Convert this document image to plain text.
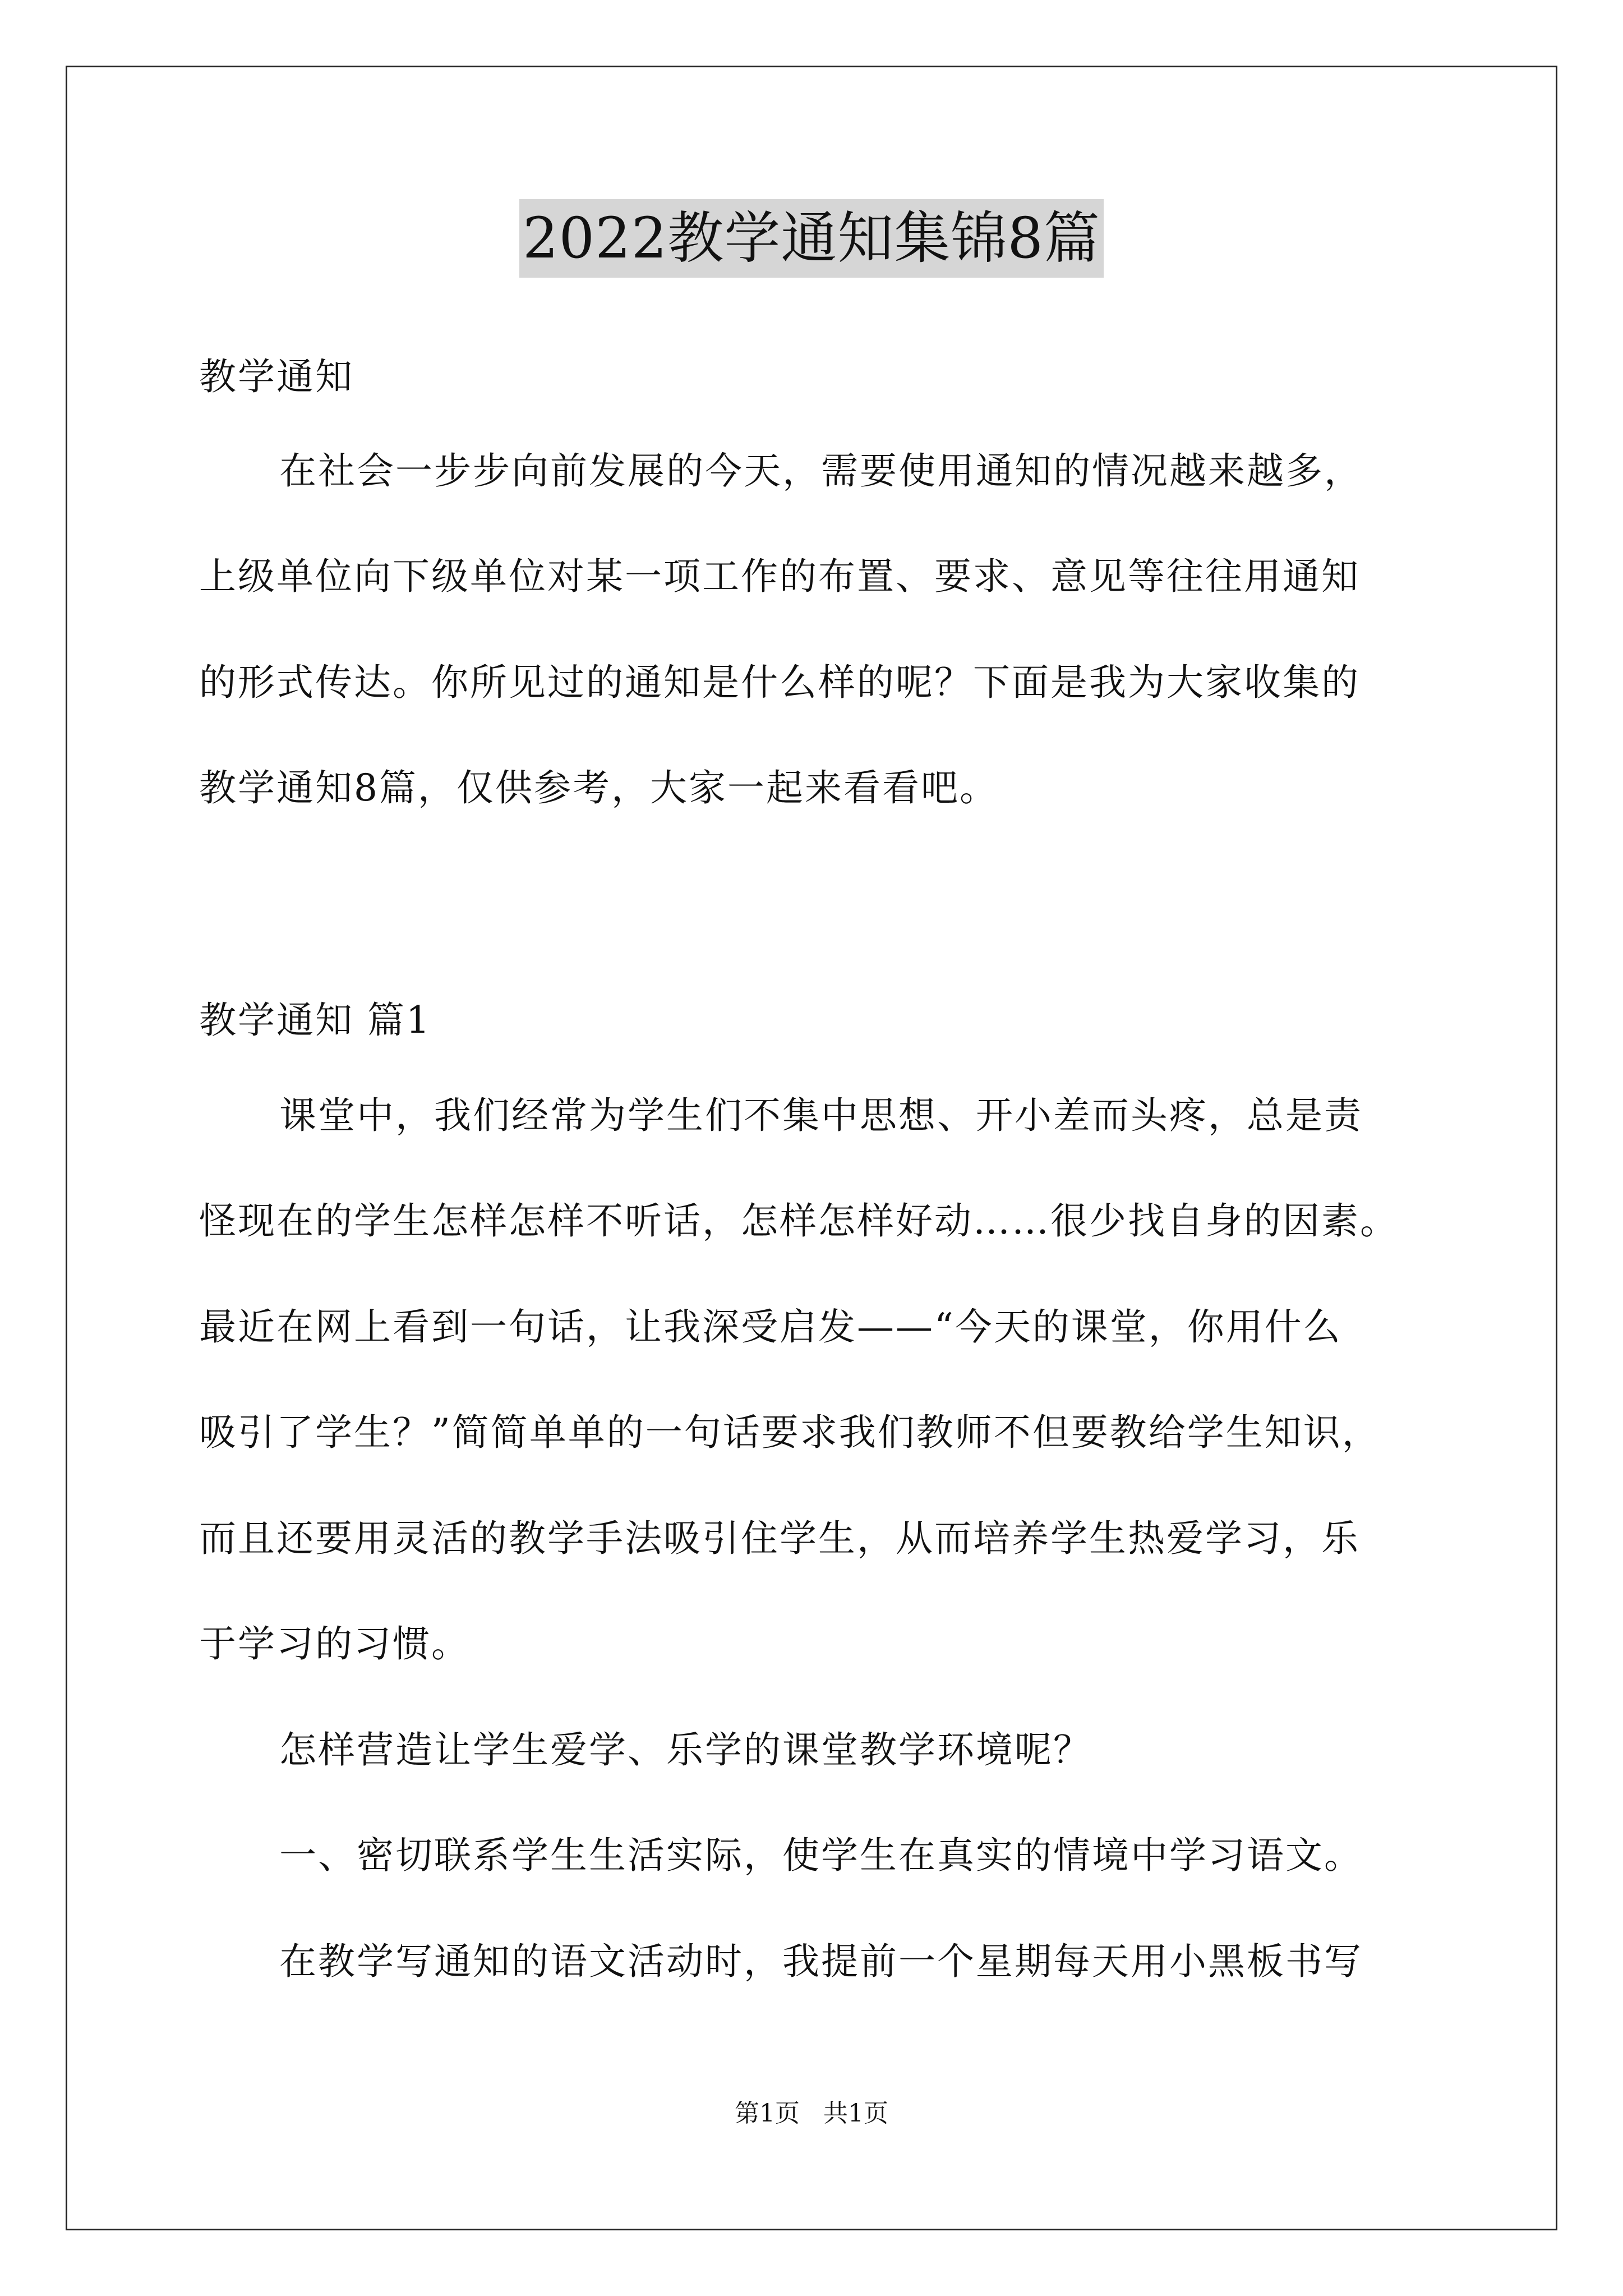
2022教学通知集锦8篇
教学通知
在社会一步步向前发展的今天，需要使用通知的情况越来越多，
上级单位向下级单位对某一项工作的布置、要求、意见等往往用通知
的形式传达。你所见过的通知是什么样的呢？下面是我为大家收集的
教学通知8篇，仅供参考，大家一起来看看吧。
教学通知 篇1
课堂中，我们经常为学生们不集中思想、开小差而头疼，总是责
怪现在的学生怎样怎样不听话，怎样怎样好动……很少找自身的因素。
最近在网上看到一句话，让我深受启发——“今天的课堂，你用什么
吸引了学生？”简简单单的一句话要求我们教师不但要教给学生知识，
而且还要用灵活的教学手法吸引住学生，从而培养学生热爱学习，乐
于学习的习惯。
怎样营造让学生爱学、乐学的课堂教学环境呢？
一、密切联系学生生活实际，使学生在真实的情境中学习语文。
在教学写通知的语文活动时，我提前一个星期每天用小黑板书写
第1页   共1页
